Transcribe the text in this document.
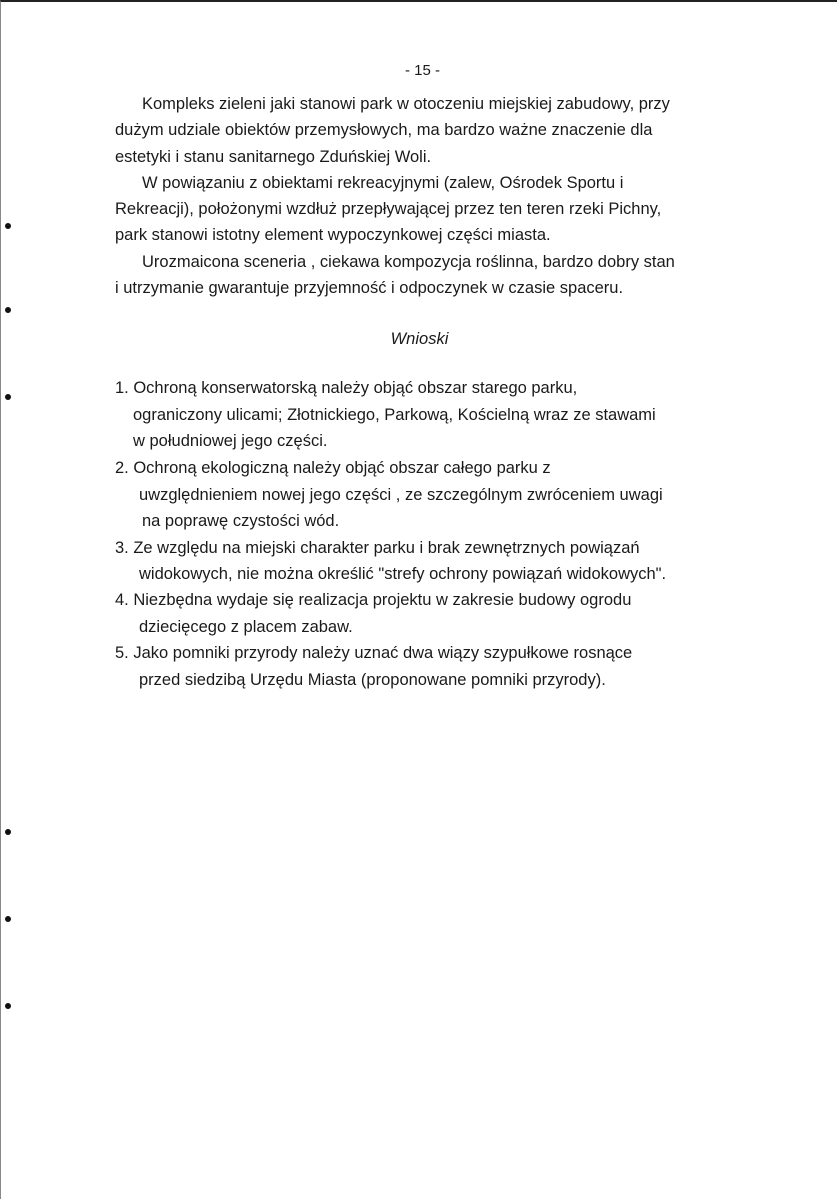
- 15 -
Kompleks zieleni jaki stanowi park w otoczeniu miejskiej zabudowy, przy
dużym udziale obiektów przemysłowych, ma bardzo ważne znaczenie dla
estetyki i stanu sanitarnego Zduńskiej Woli.
W powiązaniu z obiektami rekreacyjnymi (zalew, Ośrodek Sportu i
Rekreacji), położonymi wzdłuż przepływającej przez ten teren rzeki Pichny,
park stanowi istotny element wypoczynkowej części miasta.
Urozmaicona sceneria , ciekawa kompozycja roślinna, bardzo dobry stan
i utrzymanie gwarantuje przyjemność i odpoczynek w czasie spaceru.
Wnioski
1. Ochroną konserwatorską należy objąć obszar starego parku,
ograniczony ulicami; Złotnickiego, Parkową, Kościelną wraz ze stawami
w południowej jego części.
2. Ochroną ekologiczną należy objąć obszar całego parku z
uwzględnieniem nowej jego części , ze szczególnym zwróceniem uwagi
na poprawę czystości wód.
3. Ze względu na miejski charakter parku i brak zewnętrznych powiązań
widokowych, nie można określić "strefy ochrony powiązań widokowych".
4. Niezbędna wydaje się realizacja projektu w zakresie budowy ogrodu
dziecięcego z placem zabaw.
5. Jako pomniki przyrody należy uznać dwa wiązy szypułkowe rosnące
przed siedzibą Urzędu Miasta (proponowane pomniki przyrody).
